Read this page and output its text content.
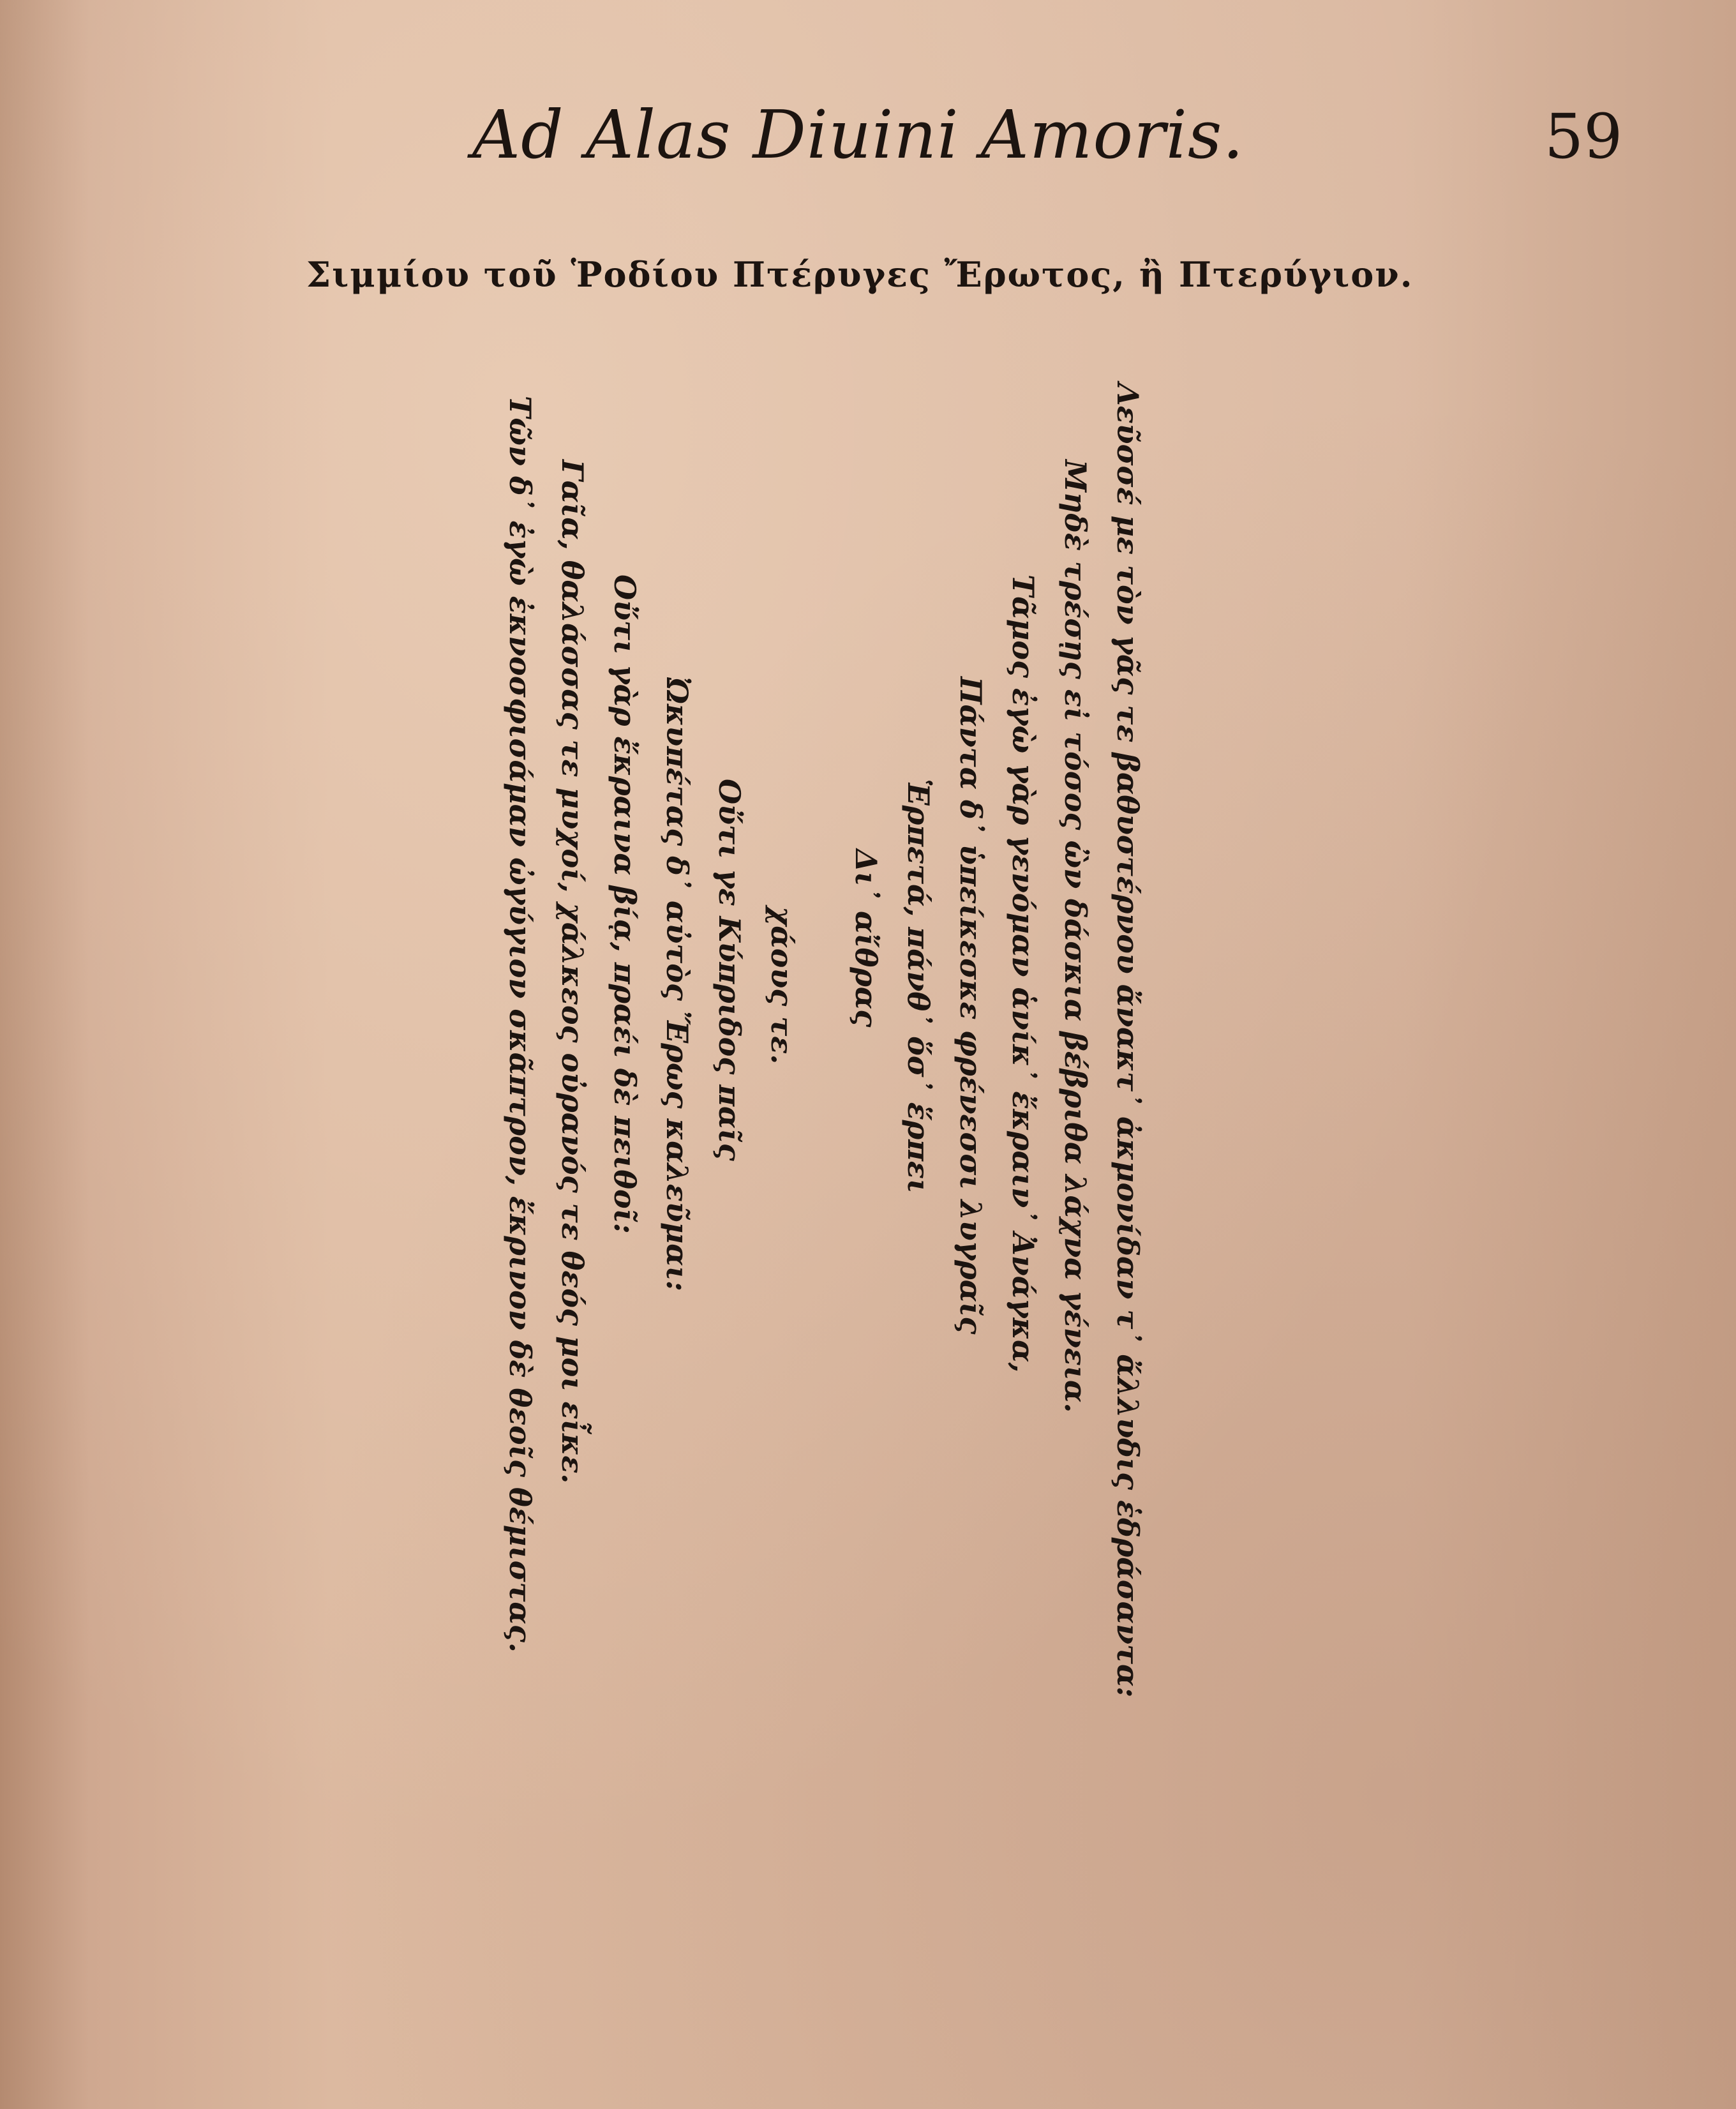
Ad Alas Diuini Amoris.	59
Σιμμίου τοῦ Ῥοδίου Πτέρυγες Ἔρωτος, ἢ Πτερύγιον.
Λεῦσσέ με τὸν γᾶς τε βαθυστέρνου ἄνακτ᾽ ἀκμονίδαν τ᾽ ἄλλυδις ἑδράσαντα:
Μηδὲ τρέσῃς εἰ τόσος ὢν δάσκια βέβριθα λάχνα γένεια.
Τᾶμος ἐγὼ γὰρ γενόμαν ἁνίκ᾽ ἔκραιν᾽ Ἀνάγκα,
Πάντα δ᾽ ὑπείκεσκε φρένεσσι λυγραῖς
Ἑρπετά, πάνθ᾽ ὅσ᾽ ἕρπει
Δι᾽ αἴθρας
χάους τε.
Οὔτι γε Κύπριδος παῖς
Ὠκυπέτας δ᾽ αὐτὸς Ἔρως καλεῦμαι:
Οὔτι γὰρ ἔκραινα βίᾳ, πραέι δὲ πειθοῖ:
Γαῖα, θαλάσσας τε μυχοί, χάλκεος οὐρανός τε θεός μοι εἶκε.
Τῶν δ᾽ ἐγὼ ἐκνοσφισάμαν ὠγύγιον σκᾶπτρον, ἔκρινον δὲ θεοῖς θέμιστας.
